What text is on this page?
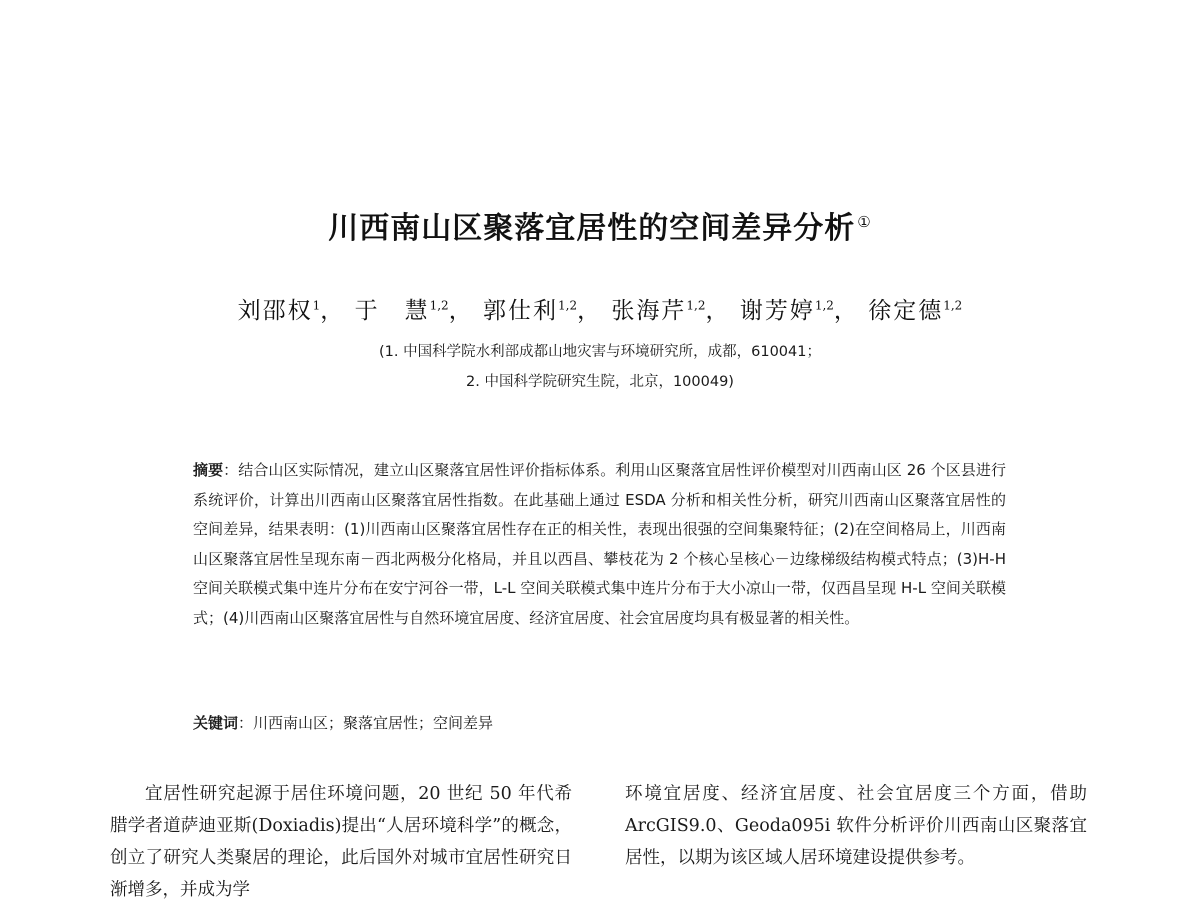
川西南山区聚落宜居性的空间差异分析 ①
刘邵权$^1$， 于　慧$^{1,2}$， 郭仕利$^{1,2}$， 张海芹$^{1,2}$， 谢芳婷$^{1,2}$， 徐定德$^{1,2}$
(1. 中国科学院水利部成都山地灾害与环境研究所，成都，610041；
2. 中国科学院研究生院，北京，100049)
摘要：结合山区实际情况，建立山区聚落宜居性评价指标体系。利用山区聚落宜居性评价模型对川西南山区 26 个区县进行系统评价，计算出川西南山区聚落宜居性指数。在此基础上通过 ESDA 分析和相关性分析，研究川西南山区聚落宜居性的空间差异，结果表明：(1)川西南山区聚落宜居性存在正的相关性，表现出很强的空间集聚特征；(2)在空间格局上，川西南山区聚落宜居性呈现东南－西北两极分化格局，并且以西昌、攀枝花为 2 个核心呈核心－边缘梯级结构模式特点；(3)H-H 空间关联模式集中连片分布在安宁河谷一带，L-L 空间关联模式集中连片分布于大小凉山一带，仅西昌呈现 H-L 空间关联模式；(4)川西南山区聚落宜居性与自然环境宜居度、经济宜居度、社会宜居度均具有极显著的相关性。
关键词：川西南山区；聚落宜居性；空间差异
宜居性研究起源于居住环境问题，20 世纪 50 年代希腊学者道萨迪亚斯(Doxiadis)提出“人居环境科学”的概念，创立了研究人类聚居的理论，此后国外对城市宜居性研究日渐增多，并成为学
环境宜居度、经济宜居度、社会宜居度三个方面，借助 ArcGIS9.0、Geoda095i 软件分析评价川西南山区聚落宜居性，以期为该区域人居环境建设提供参考。
